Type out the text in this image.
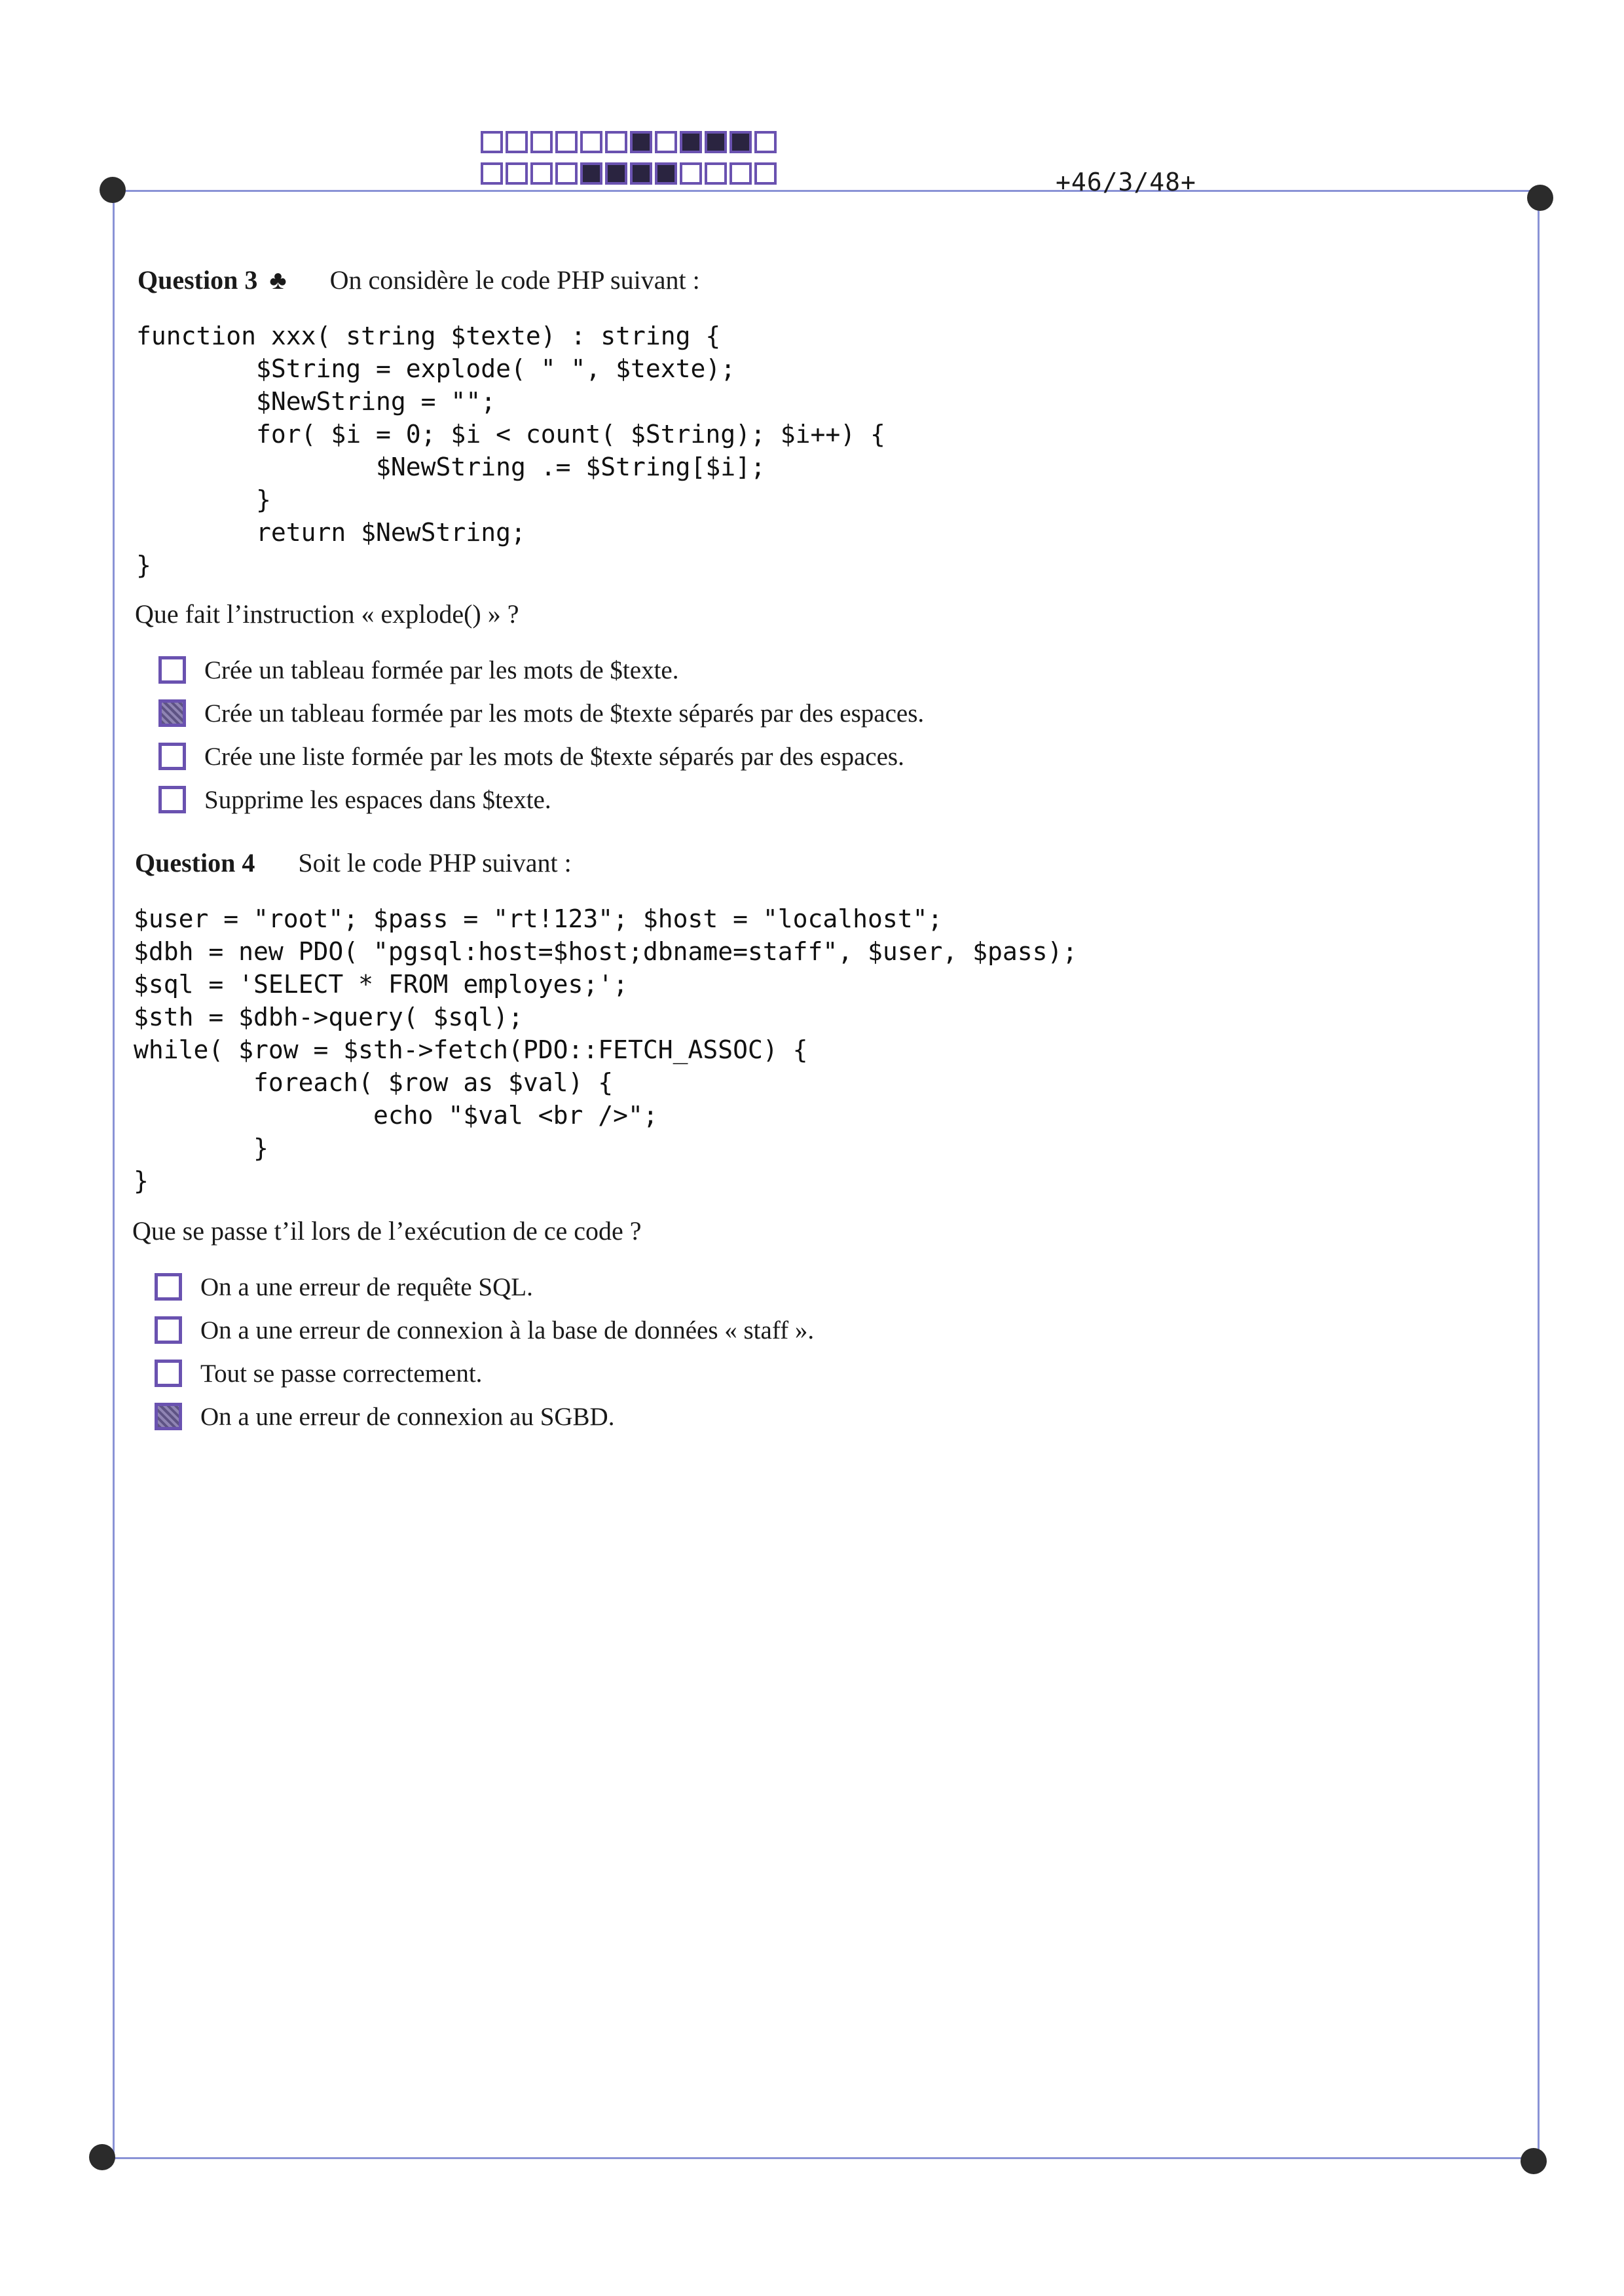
+46/3/48+
Question 3 ♣ On considère le code PHP suivant :
function xxx( string $texte) : string {
$String = explode( " ", $texte);
$NewString = "";
for( $i = 0; $i < count( $String); $i++) {
$NewString .= $String[$i];
}
return $NewString;
}
Que fait l’instruction « explode() » ?
Crée un tableau formée par les mots de $texte.
Crée un tableau formée par les mots de $texte séparés par des espaces.
Crée une liste formée par les mots de $texte séparés par des espaces.
Supprime les espaces dans $texte.
Question 4 Soit le code PHP suivant :
$user = "root"; $pass = "rt!123"; $host = "localhost";
$dbh = new PDO( "pgsql:host=$host;dbname=staff", $user, $pass);
$sql = 'SELECT * FROM employes;';
$sth = $dbh->query( $sql);
while( $row = $sth->fetch(PDO::FETCH_ASSOC) {
foreach( $row as $val) {
echo "$val <br />";
}
}
Que se passe t’il lors de l’exécution de ce code ?
On a une erreur de requête SQL.
On a une erreur de connexion à la base de données « staff ».
Tout se passe correctement.
On a une erreur de connexion au SGBD.
